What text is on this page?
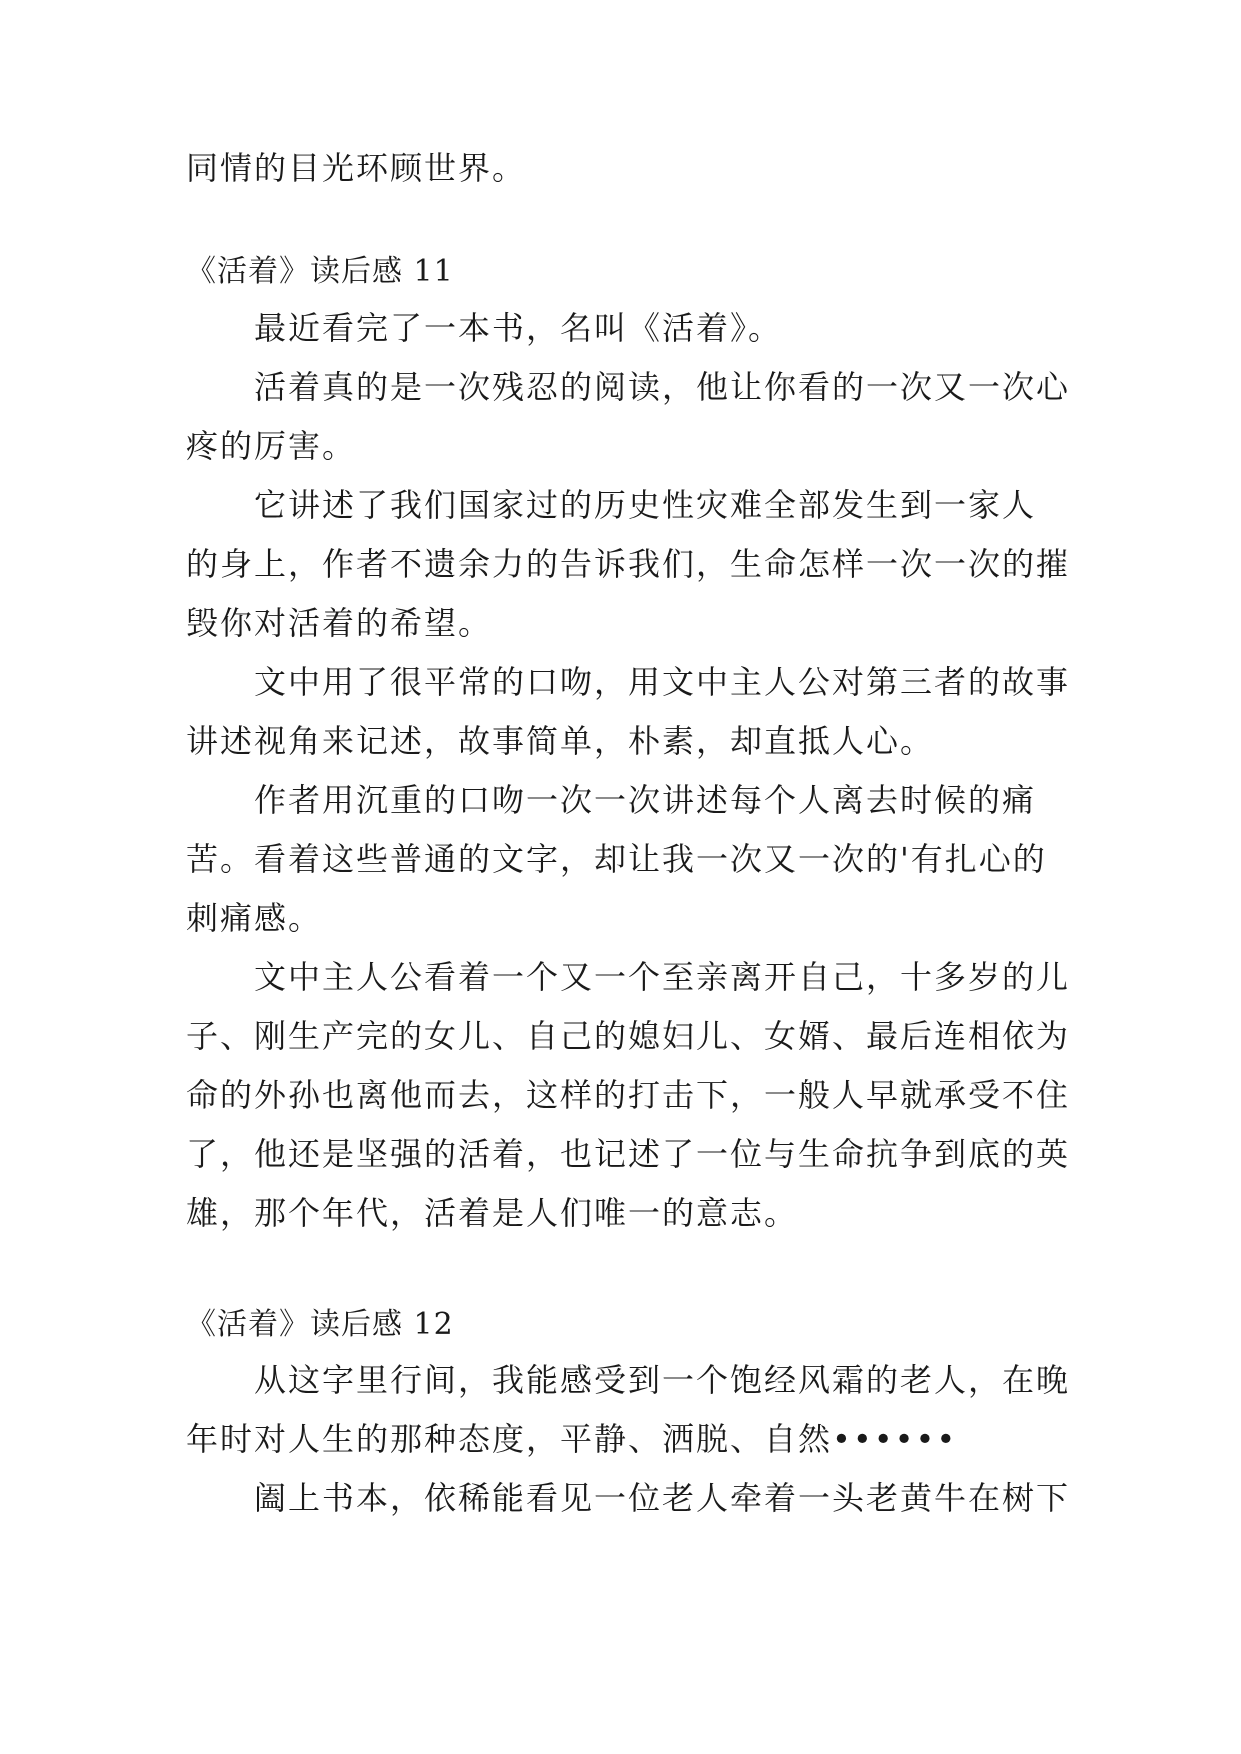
同情的目光环顾世界。
《活着》读后感 11
最近看完了一本书，名叫《活着》。
活着真的是一次残忍的阅读，他让你看的一次又一次心
疼的厉害。
它讲述了我们国家过的历史性灾难全部发生到一家人
的身上，作者不遗余力的告诉我们，生命怎样一次一次的摧
毁你对活着的希望。
文中用了很平常的口吻，用文中主人公对第三者的故事
讲述视角来记述，故事简单，朴素，却直抵人心。
作者用沉重的口吻一次一次讲述每个人离去时候的痛
苦。看着这些普通的文字，却让我一次又一次的'有扎心的
刺痛感。
文中主人公看着一个又一个至亲离开自己，十多岁的儿
子、刚生产完的女儿、自己的媳妇儿、女婿、最后连相依为
命的外孙也离他而去，这样的打击下，一般人早就承受不住
了，他还是坚强的活着，也记述了一位与生命抗争到底的英
雄，那个年代，活着是人们唯一的意志。
《活着》读后感 12
从这字里行间，我能感受到一个饱经风霜的老人，在晚
年时对人生的那种态度，平静、洒脱、自然••••••
阖上书本，依稀能看见一位老人牵着一头老黄牛在树下
